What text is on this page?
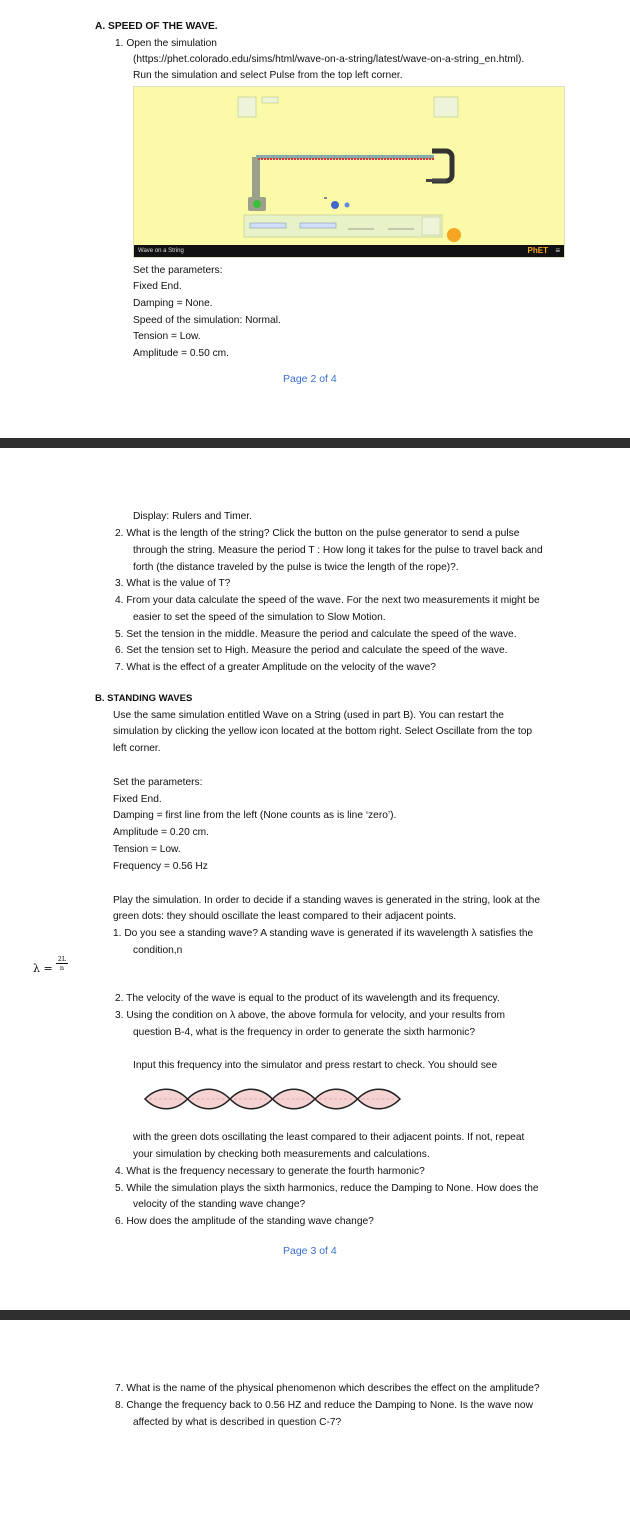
A. SPEED OF THE WAVE.
1. Open the simulation
(https://phet.colorado.edu/sims/html/wave-on-a-string/latest/wave-on-a-string_en.html).
Run the simulation and select Pulse from the top left corner.
Wave on a String	PhET ≡
Set the parameters:
Fixed End.
Damping = None.
Speed of the simulation: Normal.
Tension = Low.
Amplitude = 0.50 cm.
Page 2 of 4
Display: Rulers and Timer.
2. What is the length of the string? Click the button on the pulse generator to send a pulse
through the string. Measure the period T : How long it takes for the pulse to travel back and
forth (the distance traveled by the pulse is twice the length of the rope)?.
3. What is the value of T?
4. From your data calculate the speed of the wave. For the next two measurements it might be
easier to set the speed of the simulation to Slow Motion.
5. Set the tension in the middle. Measure the period and calculate the speed of the wave.
6. Set the tension set to High. Measure the period and calculate the speed of the wave.
7. What is the effect of a greater Amplitude on the velocity of the wave?
B. STANDING WAVES
Use the same simulation entitled Wave on a String (used in part B). You can restart the
simulation by clicking the yellow icon located at the bottom right. Select Oscillate from the top
left corner.
Set the parameters:
Fixed End.
Damping = first line from the left (None counts as is line ‘zero’).
Amplitude = 0.20 cm.
Tension = Low.
Frequency = 0.56 Hz
Play the simulation. In order to decide if a standing waves is generated in the string, look at the
green dots: they should oscillate the least compared to their adjacent points.
1. Do you see a standing wave? A standing wave is generated if its wavelength λ satisfies the
condition,n
λ =
2L
n
2. The velocity of the wave is equal to the product of its wavelength and its frequency.
3. Using the condition on λ above, the above formula for velocity, and your results from
question B-4, what is the frequency in order to generate the sixth harmonic?
Input this frequency into the simulator and press restart to check. You should see
with the green dots oscillating the least compared to their adjacent points. If not, repeat
your simulation by checking both measurements and calculations.
4. What is the frequency necessary to generate the fourth harmonic?
5. While the simulation plays the sixth harmonics, reduce the Damping to None. How does the
velocity of the standing wave change?
6. How does the amplitude of the standing wave change?
Page 3 of 4
7. What is the name of the physical phenomenon which describes the effect on the amplitude?
8. Change the frequency back to 0.56 HZ and reduce the Damping to None. Is the wave now
affected by what is described in question C-7?
